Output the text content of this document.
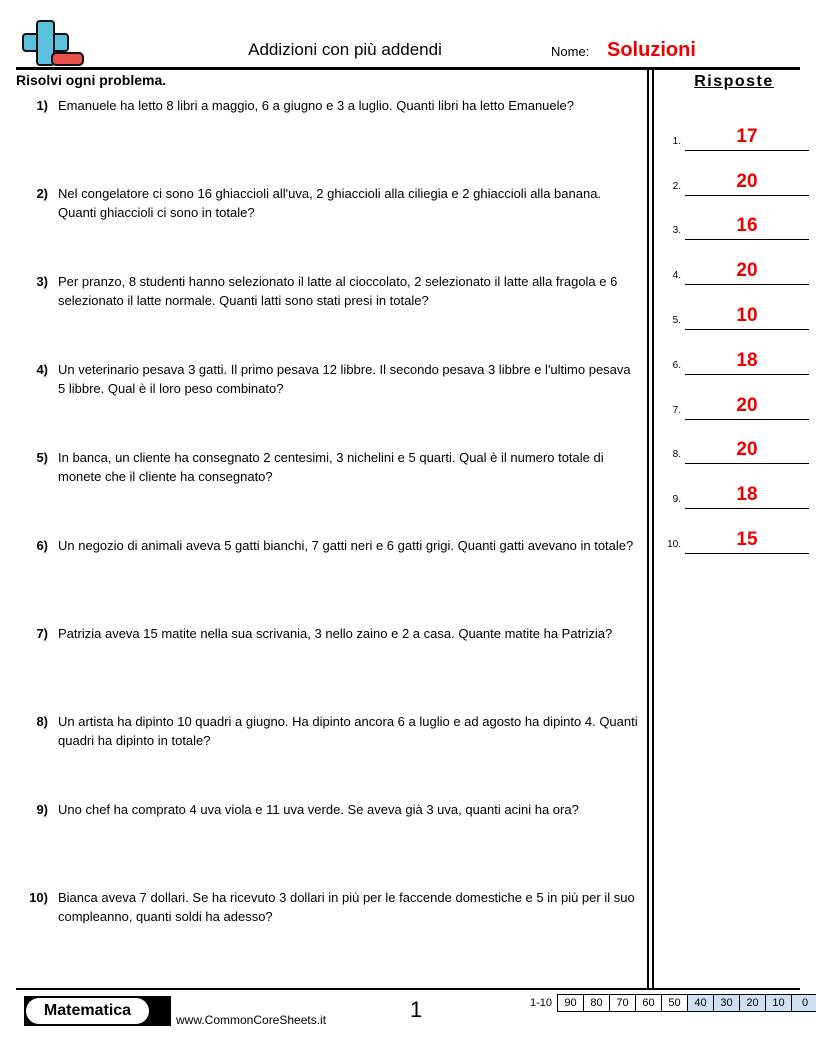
Addizioni con più addendi	Nome: Soluzioni
Risolvi ogni problema.
1) Emanuele ha letto 8 libri a maggio, 6 a giugno e 3 a luglio. Quanti libri ha letto Emanuele?
2) Nel congelatore ci sono 16 ghiaccioli all'uva, 2 ghiaccioli alla ciliegia e 2 ghiaccioli alla banana. Quanti ghiaccioli ci sono in totale?
3) Per pranzo, 8 studenti hanno selezionato il latte al cioccolato, 2 selezionato il latte alla fragola e 6 selezionato il latte normale. Quanti latti sono stati presi in totale?
4) Un veterinario pesava 3 gatti. Il primo pesava 12 libbre. Il secondo pesava 3 libbre e l'ultimo pesava 5 libbre. Qual è il loro peso combinato?
5) In banca, un cliente ha consegnato 2 centesimi, 3 nichelini e 5 quarti. Qual è il numero totale di monete che il cliente ha consegnato?
6) Un negozio di animali aveva 5 gatti bianchi, 7 gatti neri e 6 gatti grigi. Quanti gatti avevano in totale?
7) Patrizia aveva 15 matite nella sua scrivania, 3 nello zaino e 2 a casa. Quante matite ha Patrizia?
8) Un artista ha dipinto 10 quadri a giugno. Ha dipinto ancora 6 a luglio e ad agosto ha dipinto 4. Quanti quadri ha dipinto in totale?
9) Uno chef ha comprato 4 uva viola e 11 uva verde. Se aveva già 3 uva, quanti acini ha ora?
10) Bianca aveva 7 dollari. Se ha ricevuto 3 dollari in più per le faccende domestiche e 5 in più per il suo compleanno, quanti soldi ha adesso?
Risposte
1.	17
2.	20
3.	16
4.	20
5.	10
6.	18
7.	20
8.	20
9.	18
10.	15
Matematica
www.CommonCoreSheets.it	1	1-10	90	80	70	60	50	40	30	20	10	0
